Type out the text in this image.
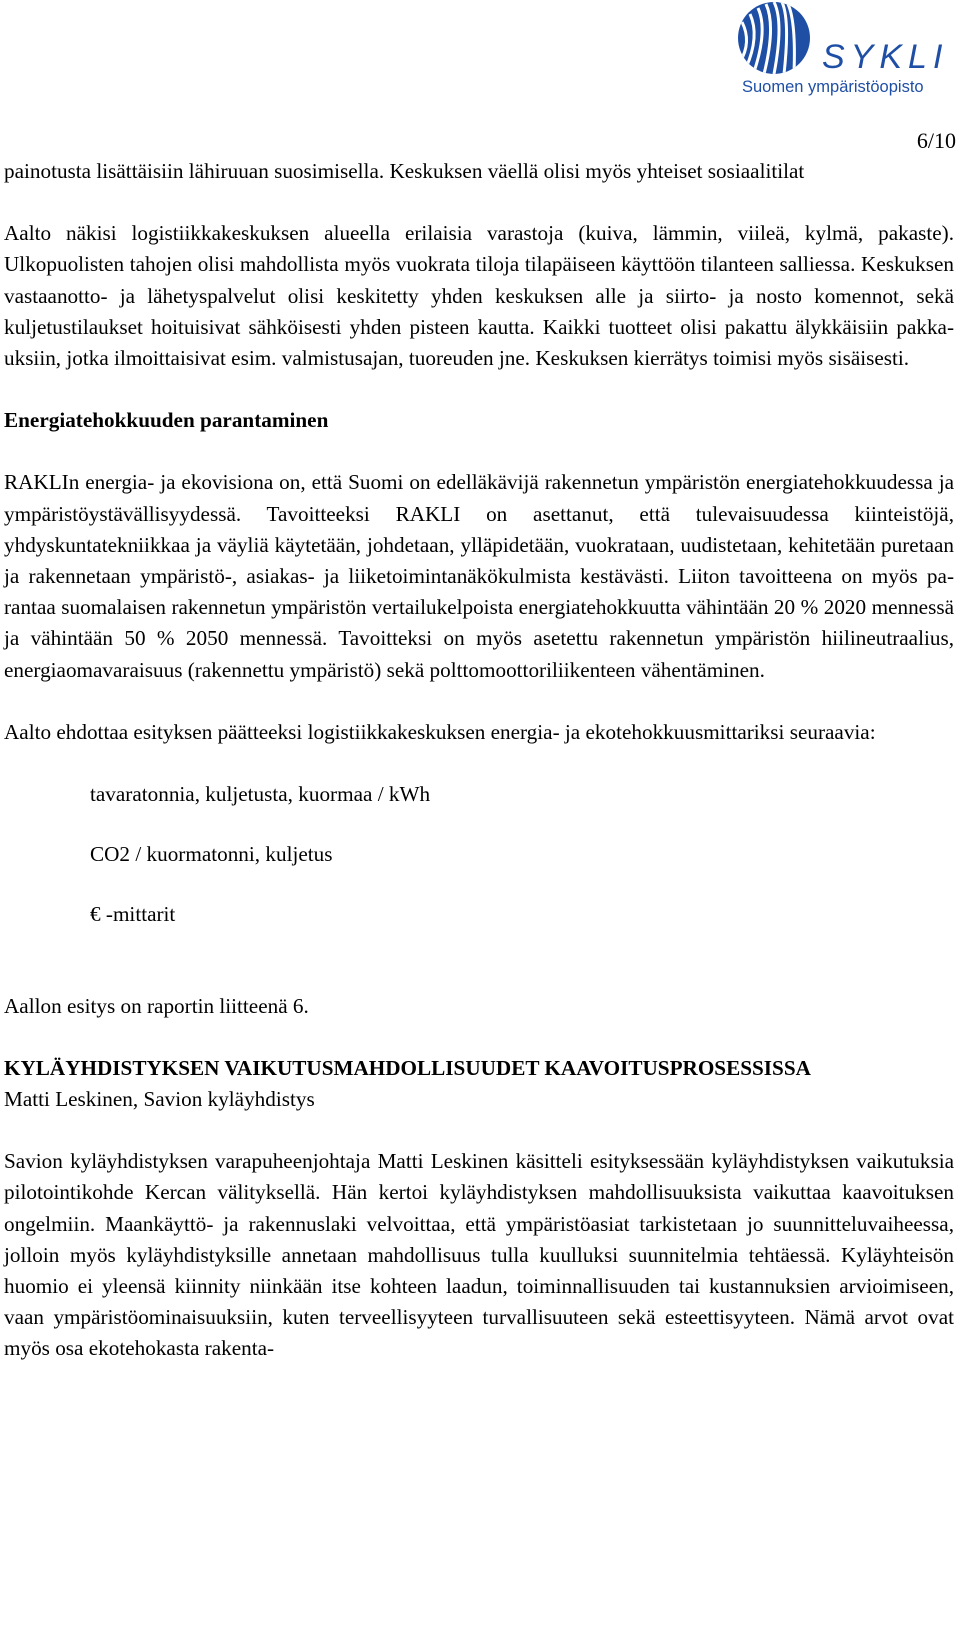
SYKLI
Suomen ympäristöopisto
6/10

painotusta lisättäisiin lähiruuan suosimisella. Keskuksen väellä olisi myös yhteiset sosiaalitilat

Aalto näkisi logistiikkakeskuksen alueella erilaisia varastoja (kuiva, lämmin, viileä, kylmä, pakaste). Ulkopuolisten tahojen olisi mahdollista myös vuokrata tiloja tilapäiseen käyttöön tilanteen salliessa. Keskuksen vastaanotto- ja lähetyspalvelut olisi keskitetty yhden keskuksen alle ja siirto- ja nosto komennot, sekä kuljetustilaukset hoituisivat sähköisesti yhden pisteen kautta. Kaikki tuotteet olisi pakattu älykkäisiin pakkauksiin, jotka ilmoittaisivat esim. valmistusajan, tuoreuden jne. Keskuksen kierrätys toimisi myös sisäisesti.

Energiatehokkuuden parantaminen

RAKLIn energia- ja ekovisiona on, että Suomi on edelläkävijä rakennetun ympäristön energiatehokkuudessa ja ympäristöystävällisyydessä. Tavoitteeksi RAKLI on asettanut, että tulevaisuudessa kiinteistöjä, yhdyskuntatekniikkaa ja väyliä käytetään, johdetaan, ylläpidetään, vuokrataan, uudistetaan, kehitetään puretaan ja rakennetaan ympäristö-, asiakas- ja liiketoimintanäkökulmista kestävästi. Liiton tavoitteena on myös parantaa suomalaisen rakennetun ympäristön vertailukelpoista energiatehokkuutta vähintään 20 % 2020 mennessä ja vähintään 50 % 2050 mennessä. Tavoitteksi on myös asetettu rakennetun ympäristön hiilineutraalius, energiaomavaraisuus (rakennettu ympäristö) sekä polttomoottoriliikenteen vähentäminen.

Aalto ehdottaa esityksen päätteeksi logistiikkakeskuksen energia- ja ekotehokkuusmittariksi seuraavia:

tavaratonnia, kuljetusta, kuormaa / kWh

CO2 / kuormatonni, kuljetus

€ -mittarit

Aallon esitys on raportin liitteenä 6.

KYLÄYHDISTYKSEN VAIKUTUSMAHDOLLISUUDET KAAVOITUSPROSESSISSA

Matti Leskinen, Savion kyläyhdistys

Savion kyläyhdistyksen varapuheenjohtaja Matti Leskinen käsitteli esityksessään kyläyhdistyksen vaikutuksia pilotointikohde Kercan välityksellä. Hän kertoi kyläyhdistyksen mahdollisuuksista vaikuttaa kaavoituksen ongelmiin. Maankäyttö- ja rakennuslaki velvoittaa, että ympäristöasiat tarkistetaan jo suunnitteluvaiheessa, jolloin myös kyläyhdistyksille annetaan mahdollisuus tulla kuulluksi suunnitelmia tehtäessä. Kyläyhteisön huomio ei yleensä kiinnity niinkään itse kohteen laadun, toiminnallisuuden tai kustannuksien arvioimiseen, vaan ympäristöominaisuuksiin, kuten terveellisyyteen turvallisuuteen sekä esteettisyyteen. Nämä arvot ovat myös osa ekotehokasta rakenta-
